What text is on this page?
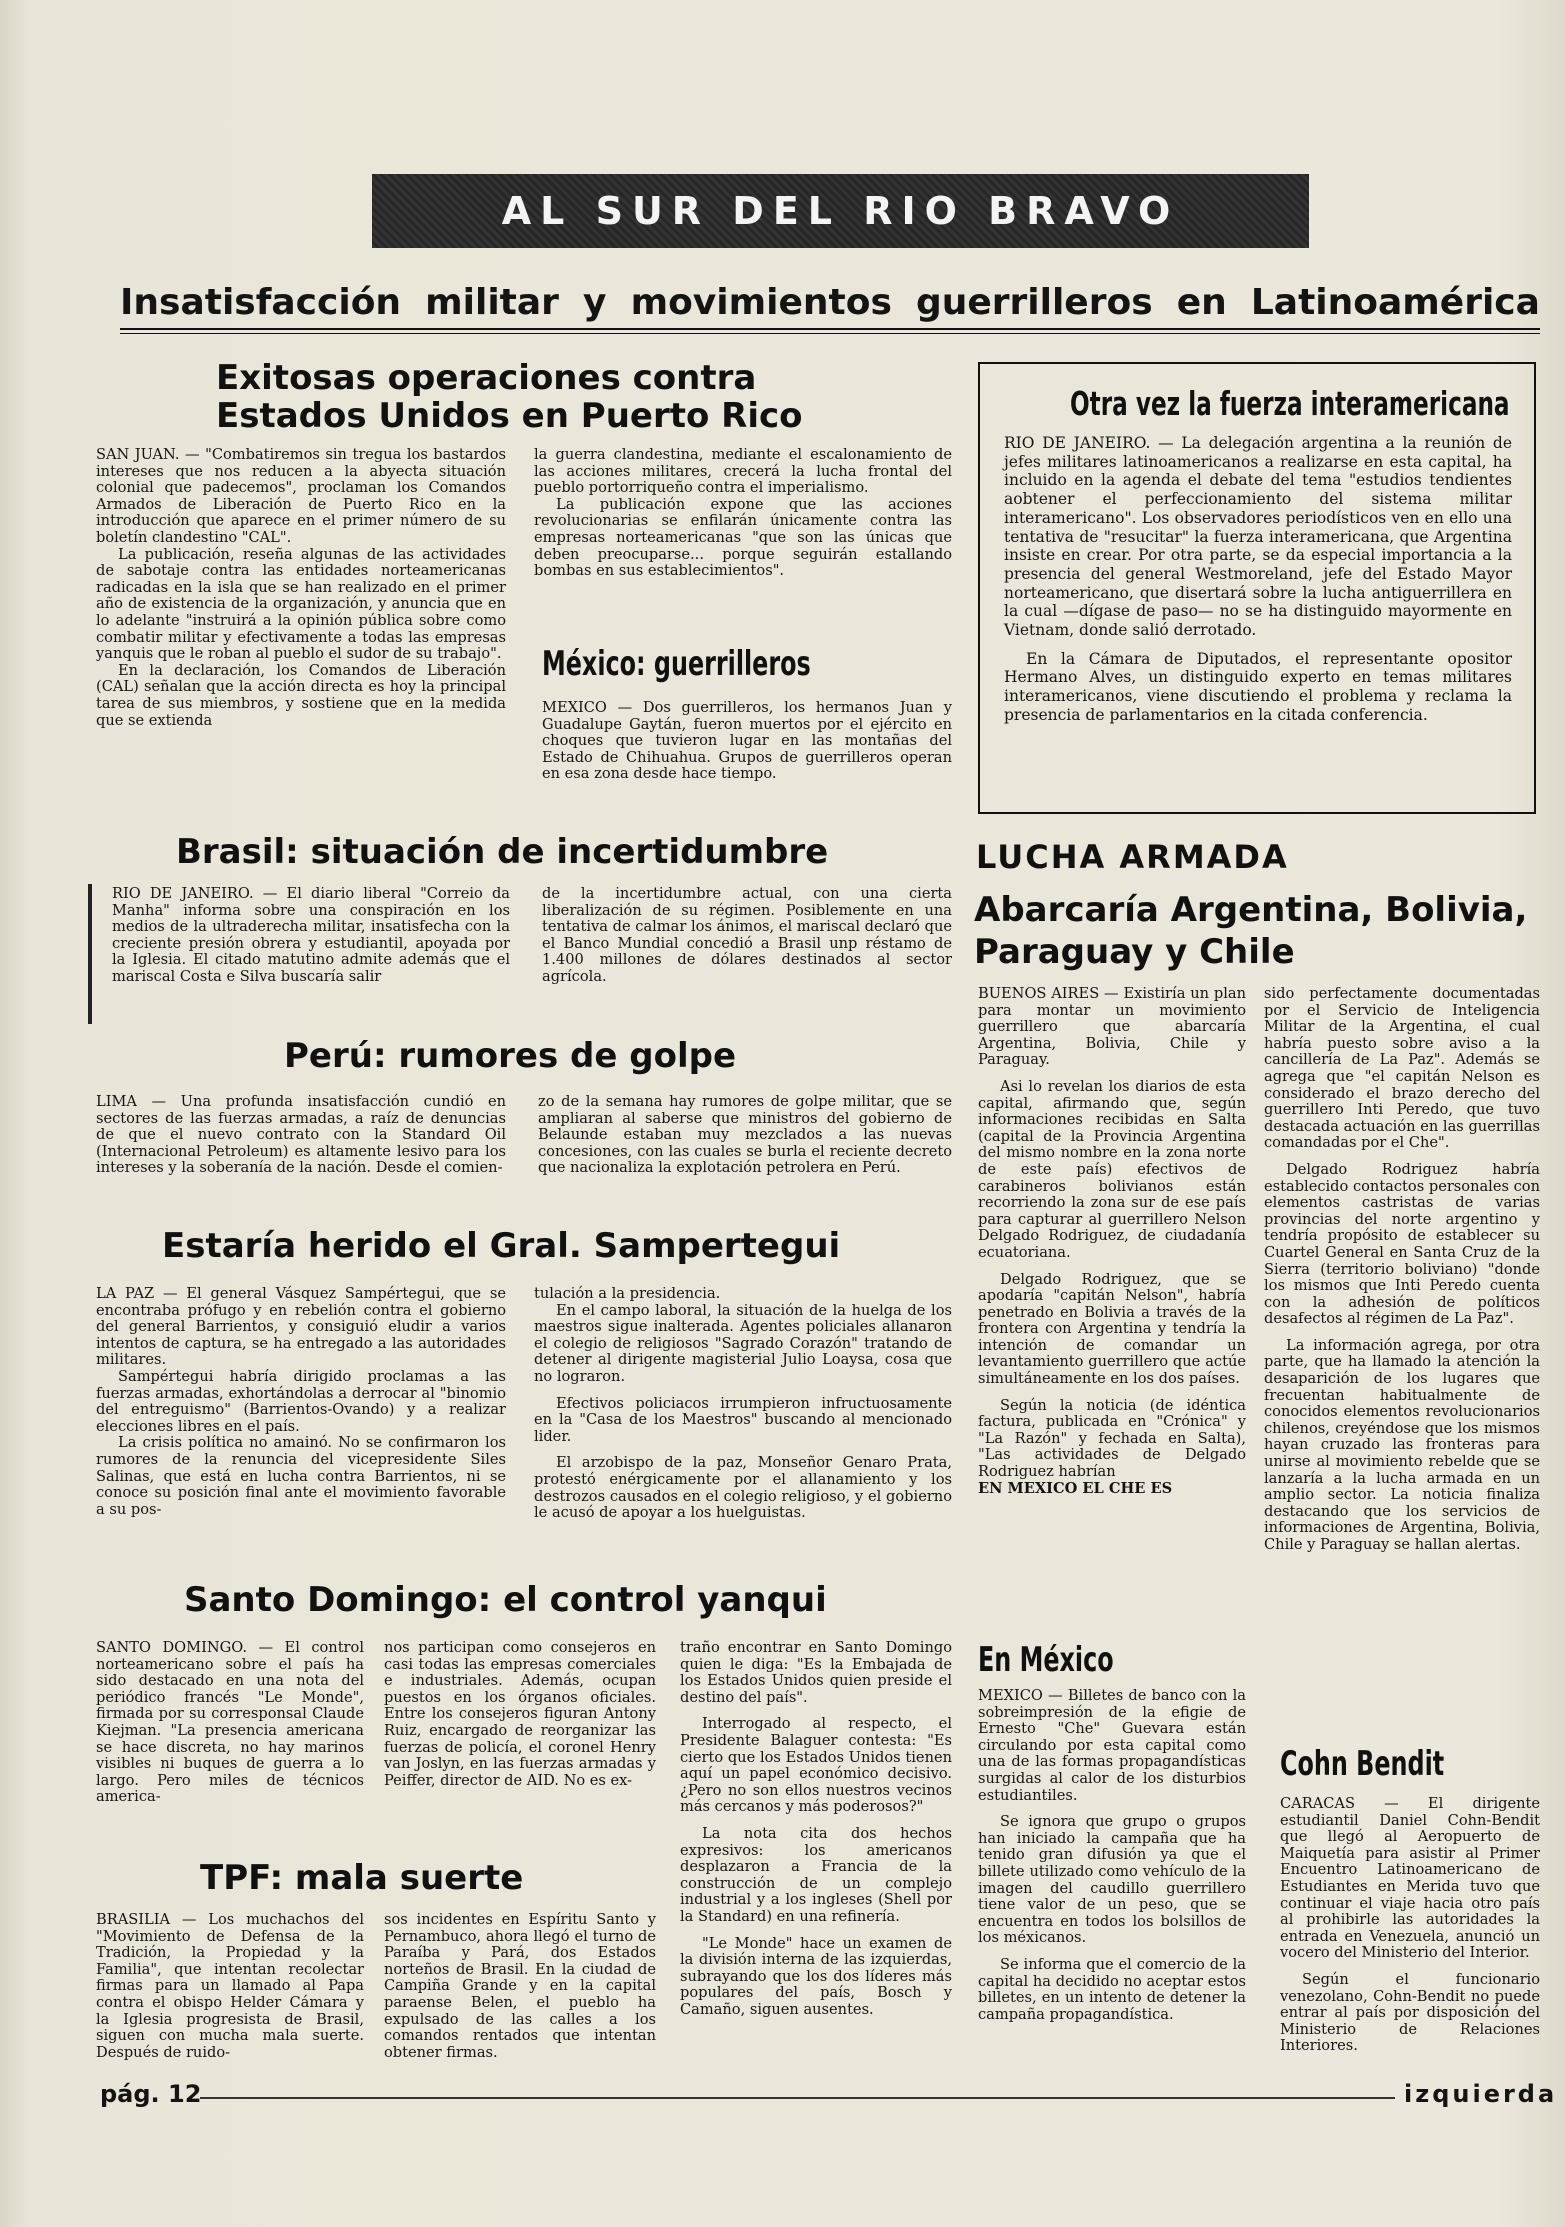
AL SUR DEL RIO BRAVO
Insatisfacción militar y movimientos guerrilleros en Latinoamérica
Exitosas operaciones contra
Estados Unidos en Puerto Rico

SAN JUAN. — "Combatiremos sin tregua los bastardos intereses que nos reducen a la abyecta situación colonial que padecemos", proclaman los Comandos Armados de Liberación de Puerto Rico en la introducción que aparece en el primer número de su boletín clandestino "CAL".

La publicación, reseña algunas de las actividades de sabotaje contra las entidades norteamericanas radicadas en la isla que se han realizado en el primer año de existencia de la organización, y anuncia que en lo adelante "instruirá a la opinión pública sobre como combatir militar y efectivamente a todas las empresas yanquis que le roban al pueblo el sudor de su trabajo".

En la declaración, los Comandos de Liberación (CAL) señalan que la acción directa es hoy la principal tarea de sus miembros, y sostiene que en la medida que se extienda

la guerra clandestina, mediante el escalonamiento de las acciones militares, crecerá la lucha frontal del pueblo portorriqueño contra el imperialismo.

La publicación expone que las acciones revolucionarias se enfilarán únicamente contra las empresas norteamericanas "que son las únicas que deben preocuparse... porque seguirán estallando bombas en sus establecimientos".

México: guerrilleros

MEXICO — Dos guerrilleros, los hermanos Juan y Guadalupe Gaytán, fueron muertos por el ejército en choques que tuvieron lugar en las montañas del Estado de Chihuahua. Grupos de guerrilleros operan en esa zona desde hace tiempo.

Otra vez la fuerza interamericana

RIO DE JANEIRO. — La delegación argentina a la reunión de jefes militares latinoamericanos a realizarse en esta capital, ha incluido en la agenda el debate del tema "estudios tendientes aobtener el perfeccionamiento del sistema militar interamericano". Los observadores periodísticos ven en ello una tentativa de "resucitar" la fuerza interamericana, que Argentina insiste en crear. Por otra parte, se da especial importancia a la presencia del general Westmoreland, jefe del Estado Mayor norteamericano, que disertará sobre la lucha antiguerrillera en la cual —dígase de paso— no se ha distinguido mayormente en Vietnam, donde salió derrotado.

En la Cámara de Diputados, el representante opositor Hermano Alves, un distinguido experto en temas militares interamericanos, viene discutiendo el problema y reclama la presencia de parlamentarios en la citada conferencia.

Brasil: situación de incertidumbre

RIO DE JANEIRO. — El diario liberal "Correio da Manha" informa sobre una conspiración en los medios de la ultraderecha militar, insatisfecha con la creciente presión obrera y estudiantil, apoyada por la Iglesia. El citado matutino admite además que el mariscal Costa e Silva buscaría salir

de la incertidumbre actual, con una cierta liberalización de su régimen. Posiblemente en una tentativa de calmar los ánimos, el mariscal declaró que el Banco Mundial concedió a Brasil unp réstamo de 1.400 millones de dólares destinados al sector agrícola.

Perú: rumores de golpe

LIMA — Una profunda insatisfacción cundió en sectores de las fuerzas armadas, a raíz de denuncias de que el nuevo contrato con la Standard Oil (Internacional Petroleum) es altamente lesivo para los intereses y la soberanía de la nación. Desde el comien-

zo de la semana hay rumores de golpe militar, que se ampliaran al saberse que ministros del gobierno de Belaunde estaban muy mezclados a las nuevas concesiones, con las cuales se burla el reciente decreto que nacionaliza la explotación petrolera en Perú.

Estaría herido el Gral. Sampertegui

LA PAZ — El general Vásquez Sampértegui, que se encontraba prófugo y en rebelión contra el gobierno del general Barrientos, y consiguió eludir a varios intentos de captura, se ha entregado a las autoridades militares.

Sampértegui habría dirigido proclamas a las fuerzas armadas, exhortándolas a derrocar al "binomio del entreguismo" (Barrientos-Ovando) y a realizar elecciones libres en el país.

La crisis política no amainó. No se confirmaron los rumores de la renuncia del vicepresidente Siles Salinas, que está en lucha contra Barrientos, ni se conoce su posición final ante el movimiento favorable a su pos-

tulación a la presidencia.

En el campo laboral, la situación de la huelga de los maestros sigue inalterada. Agentes policiales allanaron el colegio de religiosos "Sagrado Corazón" tratando de detener al dirigente magisterial Julio Loaysa, cosa que no lograron.

Efectivos policiacos irrumpieron infructuosamente en la "Casa de los Maestros" buscando al mencionado lider.

El arzobispo de la paz, Monseñor Genaro Prata, protestó enérgicamente por el allanamiento y los destrozos causados en el colegio religioso, y el gobierno le acusó de apoyar a los huelguistas.

Santo Domingo: el control yanqui

SANTO DOMINGO. — El control norteamericano sobre el país ha sido destacado en una nota del periódico francés "Le Monde", firmada por su corresponsal Claude Kiejman. "La presencia americana se hace discreta, no hay marinos visibles ni buques de guerra a lo largo. Pero miles de técnicos america-

nos participan como consejeros en casi todas las empresas comerciales e industriales. Además, ocupan puestos en los órganos oficiales. Entre los consejeros figuran Antony Ruiz, encargado de reorganizar las fuerzas de policía, el coronel Henry van Joslyn, en las fuerzas armadas y Peiffer, director de AID. No es ex-

traño encontrar en Santo Domingo quien le diga: "Es la Embajada de los Estados Unidos quien preside el destino del país".

Interrogado al respecto, el Presidente Balaguer contesta: "Es cierto que los Estados Unidos tienen aquí un papel económico decisivo. ¿Pero no son ellos nuestros vecinos más cercanos y más poderosos?"

La nota cita dos hechos expresivos: los americanos desplazaron a Francia de la construcción de un complejo industrial y a los ingleses (Shell por la Standard) en una refinería.

"Le Monde" hace un examen de la división interna de las izquierdas, subrayando que los dos líderes más populares del país, Bosch y Camaño, siguen ausentes.

TPF: mala suerte

BRASILIA — Los muchachos del "Movimiento de Defensa de la Tradición, la Propiedad y la Familia", que intentan recolectar firmas para un llamado al Papa contra el obispo Helder Cámara y la Iglesia progresista de Brasil, siguen con mucha mala suerte. Después de ruido-

sos incidentes en Espíritu Santo y Pernambuco, ahora llegó el turno de Paraíba y Pará, dos Estados norteños de Brasil. En la ciudad de Campiña Grande y en la capital paraense Belen, el pueblo ha expulsado de las calles a los comandos rentados que intentan obtener firmas.

LUCHA ARMADA
Abarcaría Argentina, Bolivia,
Paraguay y Chile

BUENOS AIRES — Existiría un plan para montar un movimiento guerrillero que abarcaría Argentina, Bolivia, Chile y Paraguay.

Asi lo revelan los diarios de esta capital, afirmando que, según informaciones recibidas en Salta (capital de la Provincia Argentina del mismo nombre en la zona norte de este país) efectivos de carabineros bolivianos están recorriendo la zona sur de ese país para capturar al guerrillero Nelson Delgado Rodriguez, de ciudadanía ecuatoriana.

Delgado Rodriguez, que se apodaría "capitán Nelson", habría penetrado en Bolivia a través de la frontera con Argentina y tendría la intención de comandar un levantamiento guerrillero que actúe simultáneamente en los dos países.

Según la noticia (de idéntica factura, publicada en "Crónica" y "La Razón" y fechada en Salta), "Las actividades de Delgado Rodriguez habrían

EN MEXICO EL CHE ES

sido perfectamente documentadas por el Servicio de Inteligencia Militar de la Argentina, el cual habría puesto sobre aviso a la cancillería de La Paz". Además se agrega que "el capitán Nelson es considerado el brazo derecho del guerrillero Inti Peredo, que tuvo destacada actuación en las guerrillas comandadas por el Che".

Delgado Rodriguez habría establecido contactos personales con elementos castristas de varias provincias del norte argentino y tendría propósito de establecer su Cuartel General en Santa Cruz de la Sierra (territorio boliviano) "donde los mismos que Inti Peredo cuenta con la adhesión de políticos desafectos al régimen de La Paz".

La información agrega, por otra parte, que ha llamado la atención la desaparición de los lugares que frecuentan habitualmente de conocidos elementos revolucionarios chilenos, creyéndose que los mismos hayan cruzado las fronteras para unirse al movimiento rebelde que se lanzaría a la lucha armada en un amplio sector. La noticia finaliza destacando que los servicios de informaciones de Argentina, Bolivia, Chile y Paraguay se hallan alertas.

En México

MEXICO — Billetes de banco con la sobreimpresión de la efigie de Ernesto "Che" Guevara están circulando por esta capital como una de las formas propagandísticas surgidas al calor de los disturbios estudiantiles.

Se ignora que grupo o grupos han iniciado la campaña que ha tenido gran difusión ya que el billete utilizado como vehículo de la imagen del caudillo guerrillero tiene valor de un peso, que se encuentra en todos los bolsillos de los méxicanos.

Se informa que el comercio de la capital ha decidido no aceptar estos billetes, en un intento de detener la campaña propagandística.

Cohn Bendit

CARACAS — El dirigente estudiantil Daniel Cohn-Bendit que llegó al Aeropuerto de Maiquetía para asistir al Primer Encuentro Latinoamericano de Estudiantes en Merida tuvo que continuar el viaje hacia otro país al prohibirle las autoridades la entrada en Venezuela, anunció un vocero del Ministerio del Interior.

Según el funcionario venezolano, Cohn-Bendit no puede entrar al país por disposición del Ministerio de Relaciones Interiores.

pág. 12	izquierda
